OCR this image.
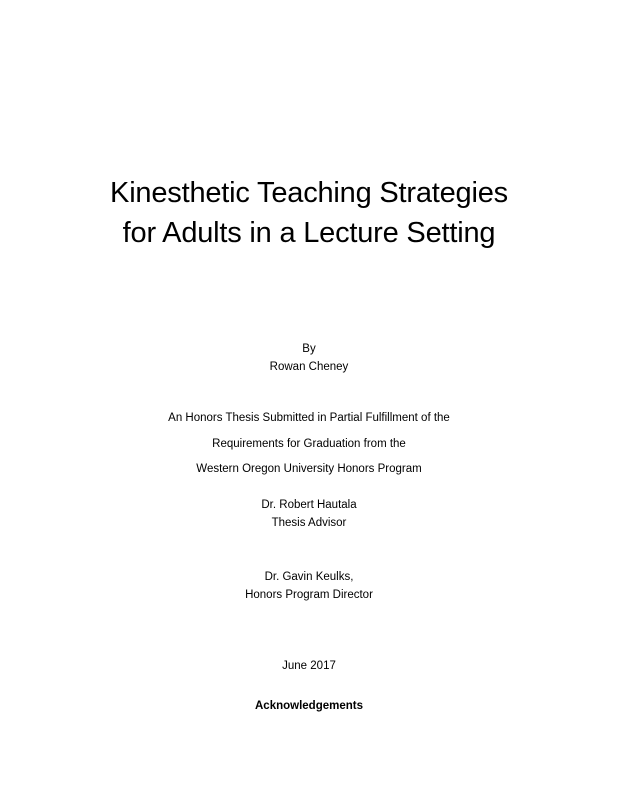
Kinesthetic Teaching Strategies
for Adults in a Lecture Setting
By
Rowan Cheney
An Honors Thesis Submitted in Partial Fulfillment of the
Requirements for Graduation from the
Western Oregon University Honors Program
Dr. Robert Hautala
Thesis Advisor
Dr. Gavin Keulks,
Honors Program Director
June 2017
Acknowledgements
